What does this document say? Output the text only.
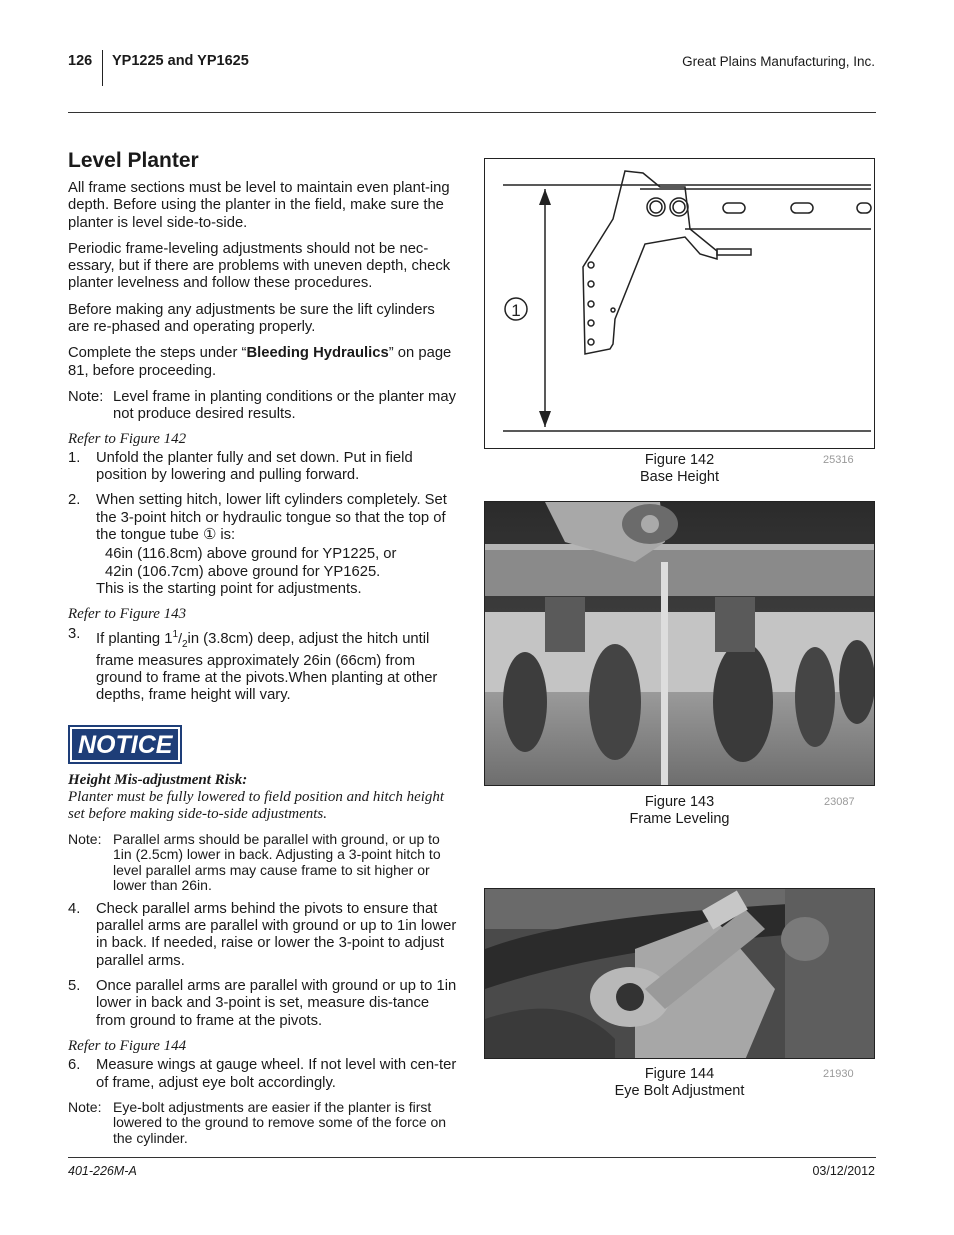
126 YP1225 and YP1625	Great Plains Manufacturing, Inc.
Level Planter
All frame sections must be level to maintain even plant-ing depth. Before using the planter in the field, make sure the planter is level side-to-side.
Periodic frame-leveling adjustments should not be nec-essary, but if there are problems with uneven depth, check planter levelness and follow these procedures.
Before making any adjustments be sure the lift cylinders are re-phased and operating properly.
Complete the steps under “Bleeding Hydraulics” on page 81, before proceeding.
Note: Level frame in planting conditions or the planter may not produce desired results.
Refer to Figure 142
1.	Unfold the planter fully and set down. Put in field position by lowering and pulling forward.
2.	When setting hitch, lower lift cylinders completely. Set the 3-point hitch or hydraulic tongue so that the top of the tongue tube ① is:
46in (116.8cm) above ground for YP1225, or
42in (106.7cm) above ground for YP1625.
This is the starting point for adjustments.
Refer to Figure 143
3.	If planting $1^1/_2in$ (3.8cm) deep, adjust the hitch until frame measures approximately 26in (66cm) from ground to frame at the pivots.When planting at other depths, frame height will vary.
NOTICE
Height Mis-adjustment Risk:
Planter must be fully lowered to field position and hitch height set before making side-to-side adjustments.
Note: Parallel arms should be parallel with ground, or up to 1in (2.5cm) lower in back. Adjusting a 3-point hitch to level parallel arms may cause frame to sit higher or lower than 26in.
4.	Check parallel arms behind the pivots to ensure that parallel arms are parallel with ground or up to 1in lower in back. If needed, raise or lower the 3-point to adjust parallel arms.
5.	Once parallel arms are parallel with ground or up to 1in lower in back and 3-point is set, measure dis-tance from ground to frame at the pivots.
Refer to Figure 144
6.	Measure wings at gauge wheel. If not level with cen-ter of frame, adjust eye bolt accordingly.
Note: Eye-bolt adjustments are easier if the planter is first lowered to the ground to remove some of the force on the cylinder.
1
Figure 142
Base Height
25316
Figure 143
Frame Leveling
23087
Figure 144
Eye Bolt Adjustment
21930
401-226M-A	03/12/2012
